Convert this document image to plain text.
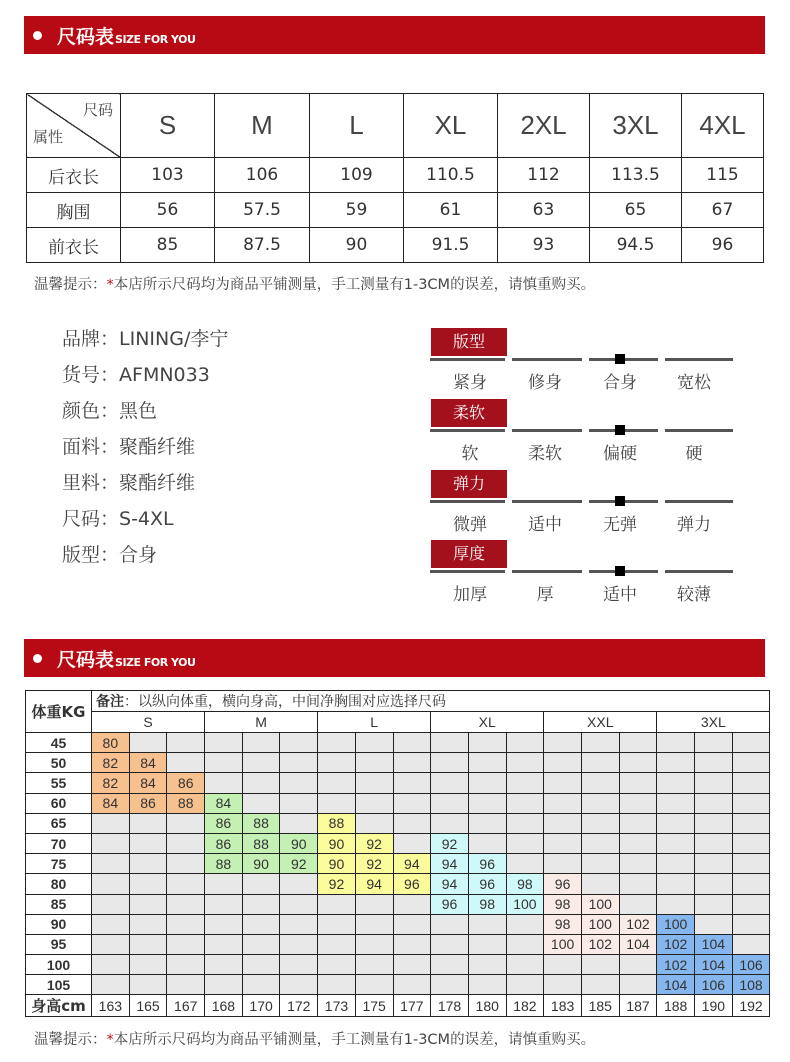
尺码表SIZE FOR YOU
尺码
属性	S	M	L	XL	2XL	3XL	4XL
后衣长	103	106	109	110.5	112	113.5	115
胸围	56	57.5	59	61	63	65	67
前衣长	85	87.5	90	91.5	93	94.5	96
温馨提示：*本店所示尺码均为商品平铺测量，手工测量有1-3CM的误差，请慎重购买。
品牌：LINING/李宁
货号：AFMN033
颜色：黑色
面料：聚酯纤维
里料：聚酯纤维
尺码：S-4XL
版型：合身
版型
紧身	修身	合身	宽松
柔软
软	柔软	偏硬	硬
弹力
微弹	适中	无弹	弹力
厚度
加厚	厚	适中	较薄
尺码表SIZE FOR YOU
体重KG	备注：以纵向体重，横向身高，中间净胸围对应选择尺码																	
	S			M			L			XL			XXL			3XL		
45	80																	
50	82	84																
55	82	84	86															
60	84	86	88	84														
65				86	88		88											
70				86	88	90	90	92		92								
75				88	90	92	90	92	94	94	96							
80							92	94	96	94	96	98	96					
85										96	98	100	98	100				
90													98	100	102	100		
95													100	102	104	102	104	
100																102	104	106
105																104	106	108
身高cm	163	165	167	168	170	172	173	175	177	178	180	182	183	185	187	188	190	192
温馨提示：*本店所示尺码均为商品平铺测量，手工测量有1-3CM的误差，请慎重购买。
